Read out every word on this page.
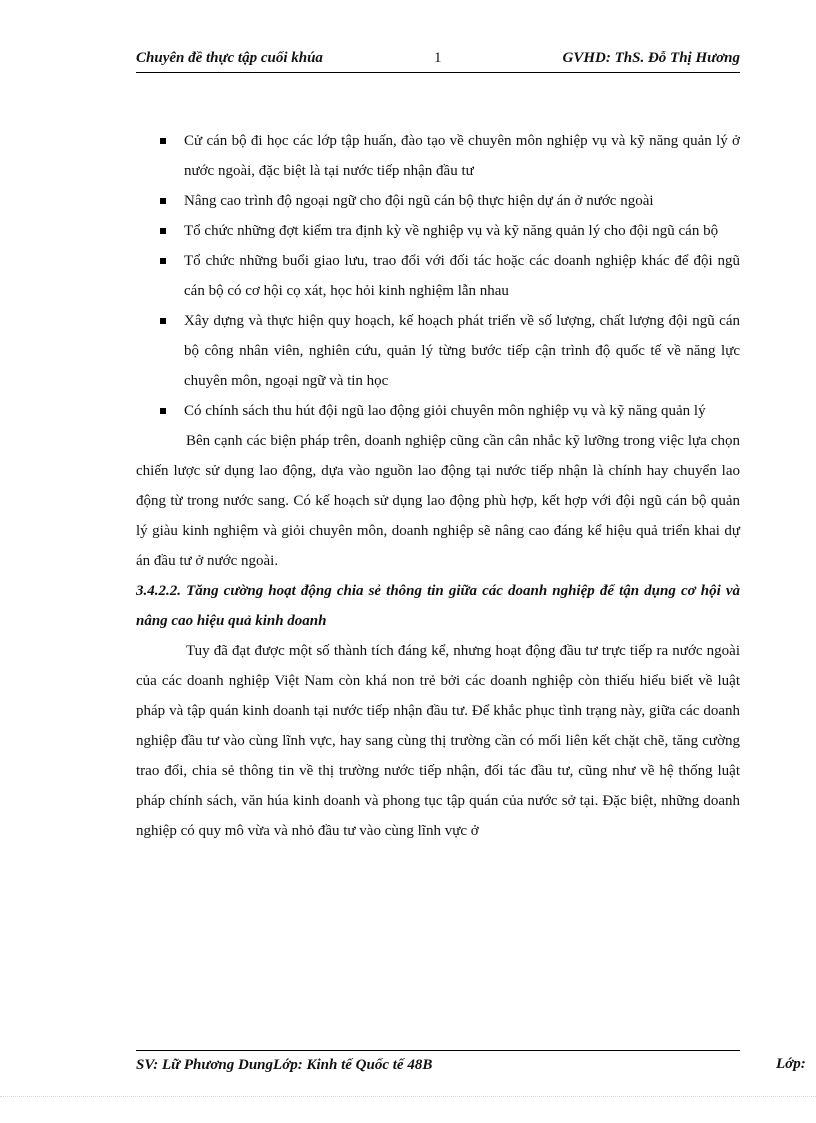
Chuyên đề thực tập cuối khúa	1	GVHD: ThS. Đỗ Thị Hương
Cử cán bộ đi học các lớp tập huấn, đào tạo về chuyên môn nghiệp vụ và kỹ năng quản lý ở nước ngoài, đặc biệt là tại nước tiếp nhận đầu tư
Nâng cao trình độ ngoại ngữ cho đội ngũ cán bộ thực hiện dự án ở nước ngoài
Tổ chức những đợt kiểm tra định kỳ về nghiệp vụ và kỹ năng quản lý cho đội ngũ cán bộ
Tổ chức những buổi giao lưu, trao đổi với đối tác hoặc các doanh nghiệp khác để đội ngũ cán bộ có cơ hội cọ xát, học hỏi kinh nghiệm lẫn nhau
Xây dựng và thực hiện quy hoạch, kế hoạch phát triển về số lượng, chất lượng đội ngũ cán bộ công nhân viên, nghiên cứu, quản lý từng bước tiếp cận trình độ quốc tế về năng lực chuyên môn, ngoại ngữ và tin học
Có chính sách thu hút đội ngũ lao động giỏi chuyên môn nghiệp vụ và kỹ năng quản lý

Bên cạnh các biện pháp trên, doanh nghiệp cũng cần cân nhắc kỹ lưỡng trong việc lựa chọn chiến lược sử dụng lao động, dựa vào nguồn lao động tại nước tiếp nhận là chính hay chuyển lao động từ trong nước sang. Có kế hoạch sử dụng lao động phù hợp, kết hợp với đội ngũ cán bộ quản lý giàu kinh nghiệm và giỏi chuyên môn, doanh nghiệp sẽ nâng cao đáng kể hiệu quả triển khai dự án đầu tư ở nước ngoài.

3.4.2.2. Tăng cường hoạt động chia sẻ thông tin giữa các doanh nghiệp để tận dụng cơ hội và nâng cao hiệu quả kinh doanh

Tuy đã đạt được một số thành tích đáng kể, nhưng hoạt động đầu tư trực tiếp ra nước ngoài của các doanh nghiệp Việt Nam còn khá non trẻ bởi các doanh nghiệp còn thiếu hiểu biết về luật pháp và tập quán kinh doanh tại nước tiếp nhận đầu tư. Để khắc phục tình trạng này, giữa các doanh nghiệp đầu tư vào cùng lĩnh vực, hay sang cùng thị trường cần có mối liên kết chặt chẽ, tăng cường trao đổi, chia sẻ thông tin về thị trường nước tiếp nhận, đối tác đầu tư, cũng như về hệ thống luật pháp chính sách, văn húa kinh doanh và phong tục tập quán của nước sở tại. Đặc biệt, những doanh nghiệp có quy mô vừa và nhỏ đầu tư vào cùng lĩnh vực ở

SV: Lữ Phương DungLớp: Kinh tế Quốc tế 48B	Lớp:
